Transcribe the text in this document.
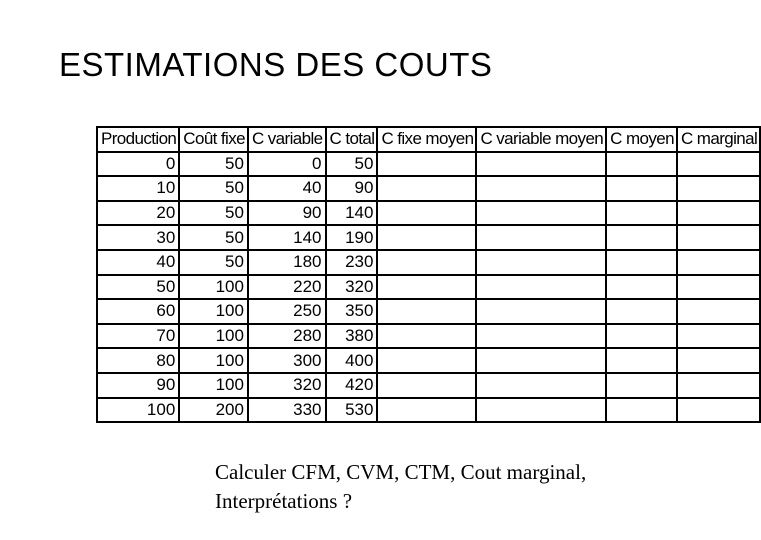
ESTIMATIONS DES COUTS
Production	Coût fixe	C variable	C total	C fixe moyen	C variable moyen	C moyen	C marginal
0	50	0	50				
10	50	40	90				
20	50	90	140				
30	50	140	190				
40	50	180	230				
50	100	220	320				
60	100	250	350				
70	100	280	380				
80	100	300	400				
90	100	320	420				
100	200	330	530				
Calculer CFM, CVM, CTM, Cout marginal,
Interprétations ?
